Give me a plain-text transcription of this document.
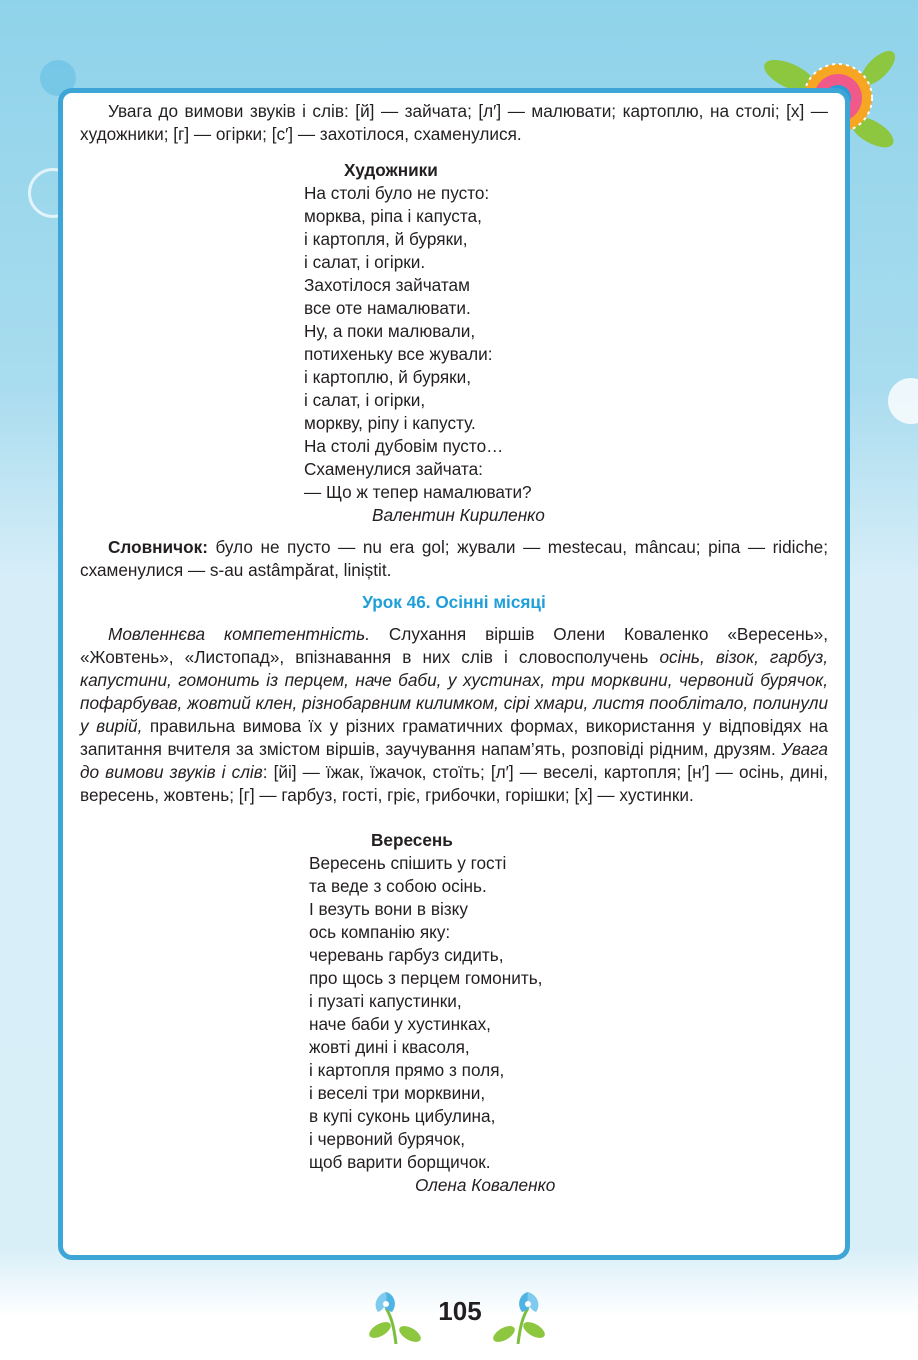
Увага до вимови звуків і слів: [й] — зайчата; [л′] — малювати; картоплю, на столі; [х] — художники; [г] — огірки; [с′] — захотілося, схаменулися.

Художники
На столі було не пусто:
морква, ріпа і капуста,
і картопля, й буряки,
і салат, і огірки.
Захотілося зайчатам
все оте намалювати.
Ну, а поки малювали,
потихеньку все жували:
і картоплю, й буряки,
і салат, і огірки,
моркву, ріпу і капусту.
На столі дубовім пусто…
Схаменулися зайчата:
— Що ж тепер намалювати?
Валентин Кириленко

Словничок: було не пусто — nu era gol; жували — mestecau, mâncau; ріпа — ridiche; схаменулися — s-au astâmpărat, liniștit.

Урок 46. Осінні місяці

Мовленнєва компетентність. Слухання віршів Олени Коваленко «Вересень», «Жовтень», «Листопад», впізнавання в них слів і словосполучень осінь, візок, гарбуз, капустини, гомонить із перцем, наче баби, у хустинах, три морквини, червоний бурячок, пофарбував, жовтий клен, різнобарвним килимком, сірі хмари, листя пооблітало, полинули у вирій, правильна вимова їх у різних граматичних формах, використання у відповідях на запитання вчителя за змістом віршів, заучування напам’ять, розповіді рідним, друзям. Увага до вимови звуків і слів: [йі] — їжак, їжачок, стоїть; [л′] — веселі, картопля; [н′] — осінь, дині, вересень, жовтень; [г] — гарбуз, гості, гріє, грибочки, горішки; [х] — хустинки.

Вересень
Вересень спішить у гості
та веде з собою осінь.
І везуть вони в візку
ось компанію яку:
черевань гарбуз сидить,
про щось з перцем гомонить,
і пузаті капустинки,
наче баби у хустинках,
жовті дині і квасоля,
і картопля прямо з поля,
і веселі три морквини,
в купі суконь цибулина,
і червоний бурячок,
щоб варити борщичок.
Олена Коваленко
105
